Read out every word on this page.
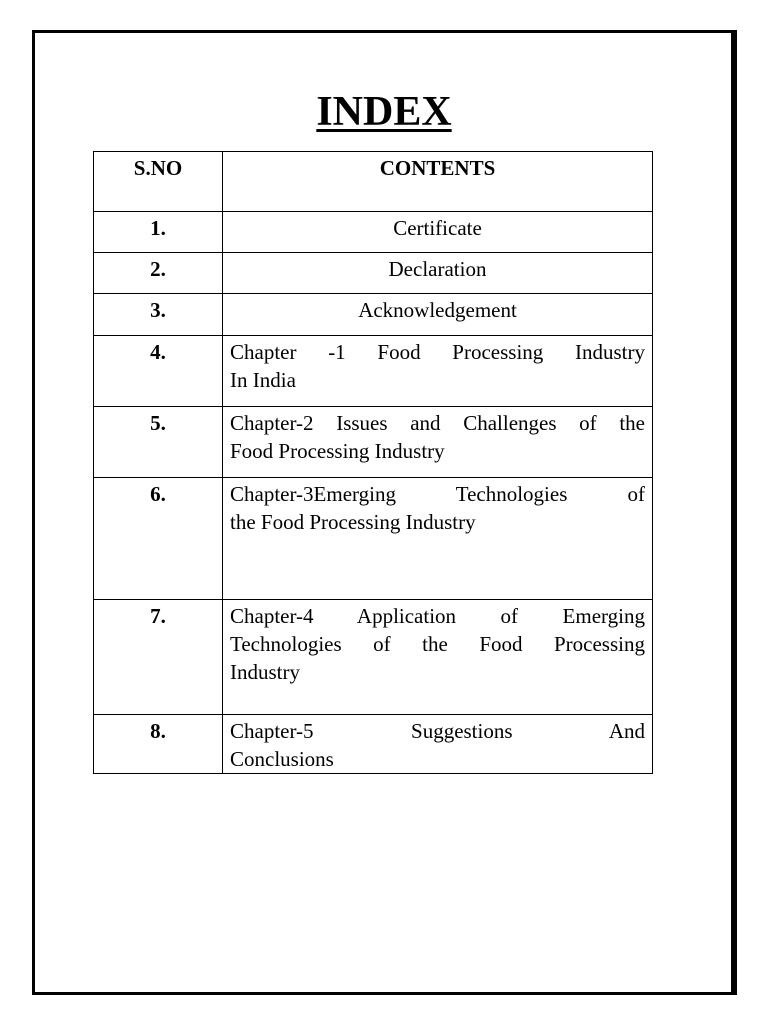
INDEX
S.NO	CONTENTS
1.	Certificate

2.	Declaration

3.	Acknowledgement

4.	Chapter -1 Food Processing Industry
In India

5.	Chapter-2 Issues and Challenges of the
Food Processing Industry

6.	Chapter-3Emerging Technologies of
the Food Processing Industry

7.	Chapter-4 Application of Emerging
Technologies of the Food Processing
Industry

8.	Chapter-5 Suggestions And
Conclusions
